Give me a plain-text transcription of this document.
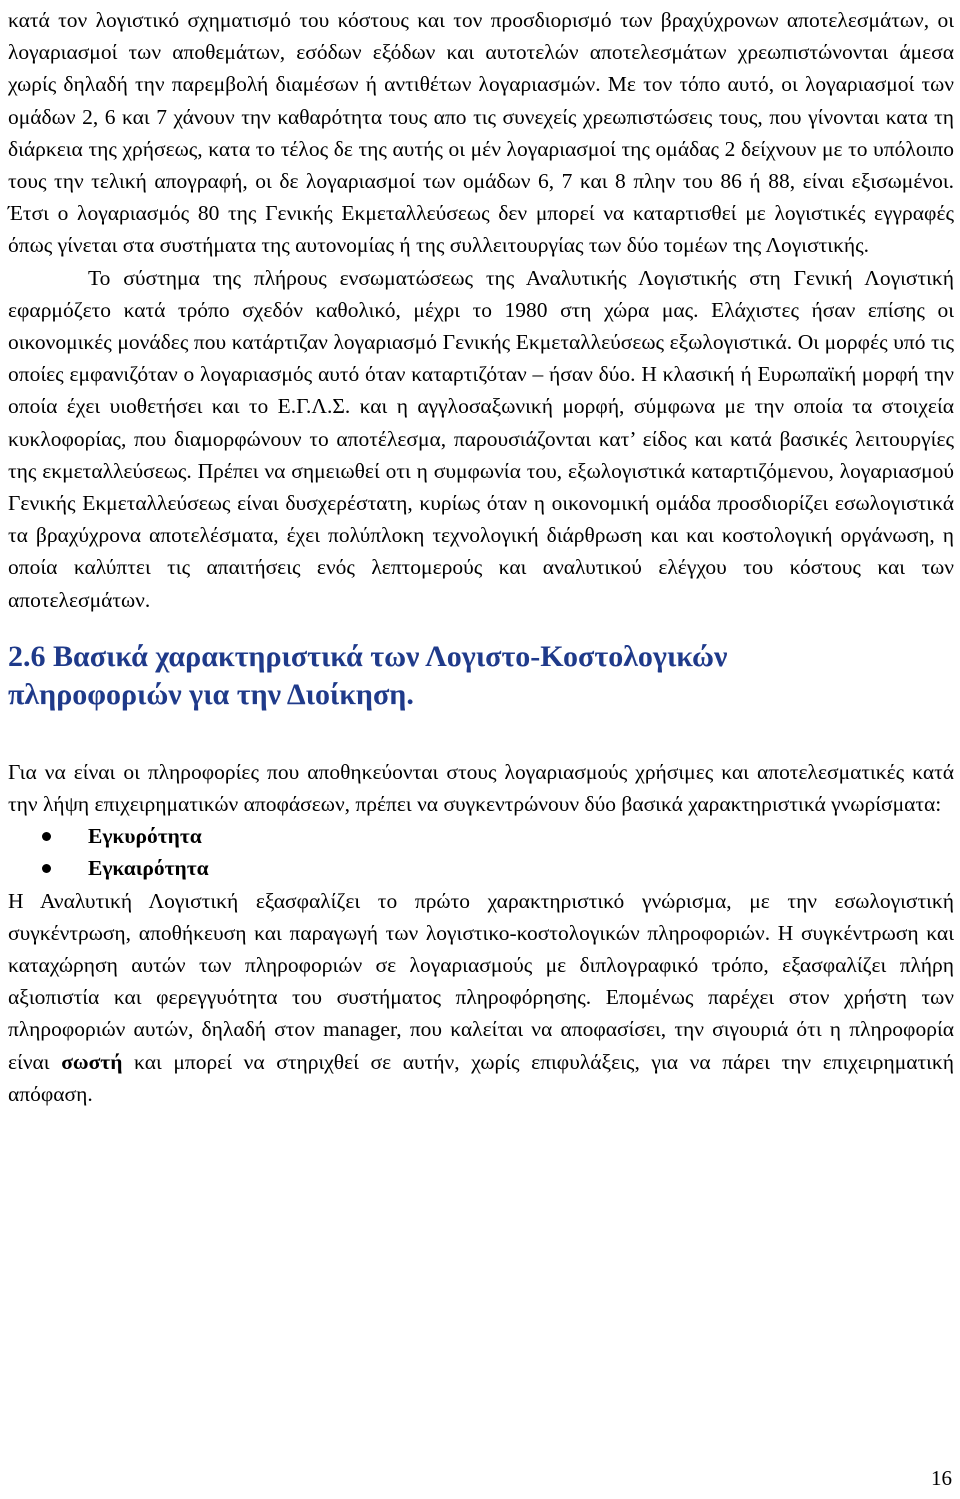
κατά τον λογιστικό σχηματισμό του κόστους και τον προσδιορισμό των βραχύχρονων αποτελεσμάτων, οι λογαριασμοί των αποθεμάτων, εσόδων εξόδων και αυτοτελών αποτελεσμάτων χρεωπιστώνονται άμεσα χωρίς δηλαδή την παρεμβολή διαμέσων ή αντιθέτων λογαριασμών. Με τον τόπο αυτό, οι λογαριασμοί των ομάδων 2, 6 και 7 χάνουν την καθαρότητα τους απο τις συνεχείς χρεωπιστώσεις τους, που γίνονται κατα τη διάρκεια της χρήσεως, κατα το τέλος δε της αυτής οι μέν λογαριασμοί της ομάδας 2 δείχνουν με το υπόλοιπο τους την τελική απογραφή, οι δε λογαριασμοί των ομάδων 6, 7 και 8 πλην του 86 ή 88, είναι εξισωμένοι. Έτσι ο λογαριασμός 80 της Γενικής Εκμεταλλεύσεως δεν μπορεί να καταρτισθεί με λογιστικές εγγραφές όπως γίνεται στα συστήματα της αυτονομίας ή της συλλειτουργίας των δύο τομέων της Λογιστικής.

Το σύστημα της πλήρους ενσωματώσεως της Αναλυτικής Λογιστικής στη Γενική Λογιστική εφαρμόζετο κατά τρόπο σχεδόν καθολικό, μέχρι το 1980 στη χώρα μας. Ελάχιστες ήσαν επίσης οι οικονομικές μονάδες που κατάρτιζαν λογαριασμό Γενικής Εκμεταλλεύσεως εξωλογιστικά. Οι μορφές υπό τις οποίες εμφανιζόταν ο λογαριασμός αυτό όταν καταρτιζόταν – ήσαν δύο. Η κλασική ή Ευρωπαϊκή μορφή την οποία έχει υιοθετήσει και το Ε.Γ.Λ.Σ. και η αγγλοσαξωνική μορφή, σύμφωνα με την οποία τα στοιχεία κυκλοφορίας, που διαμορφώνουν το αποτέλεσμα, παρουσιάζονται κατ’ είδος και κατά βασικές λειτουργίες της εκμεταλλεύσεως. Πρέπει να σημειωθεί οτι η συμφωνία του, εξωλογιστικά καταρτιζόμενου, λογαριασμού Γενικής Εκμεταλλεύσεως είναι δυσχερέστατη, κυρίως όταν η οικονομική ομάδα προσδιορίζει εσωλογιστικά τα βραχύχρονα αποτελέσματα, έχει πολύπλοκη τεχνολογική διάρθρωση και και κοστολογική οργάνωση, η οποία καλύπτει τις απαιτήσεις ενός λεπτομερούς και αναλυτικού ελέγχου του κόστους και των αποτελεσμάτων.

2.6 Βασικά χαρακτηριστικά των Λογιστο-Κοστολογικών
πληροφοριών για την Διοίκηση.

Για να είναι οι πληροφορίες που αποθηκεύονται στους λογαριασμούς χρήσιμες και αποτελεσματικές κατά την λήψη επιχειρηματικών αποφάσεων, πρέπει να συγκεντρώνουν δύο βασικά χαρακτηριστικά γνωρίσματα:

Εγκυρότητα
Εγκαιρότητα

Η Αναλυτική Λογιστική εξασφαλίζει το πρώτο χαρακτηριστικό γνώρισμα, με την εσωλογιστική συγκέντρωση, αποθήκευση και παραγωγή των λογιστικο-κοστολογικών πληροφοριών. Η συγκέντρωση και καταχώρηση αυτών των πληροφοριών σε λογαριασμούς με διπλογραφικό τρόπο, εξασφαλίζει πλήρη αξιοπιστία και φερεγγυότητα του συστήματος πληροφόρησης. Επομένως παρέχει στον χρήστη των πληροφοριών αυτών, δηλαδή στον manager, που καλείται να αποφασίσει, την σιγουριά ότι η πληροφορία είναι σωστή και μπορεί να στηριχθεί σε αυτήν, χωρίς επιφυλάξεις, για να πάρει την επιχειρηματική απόφαση.

16
